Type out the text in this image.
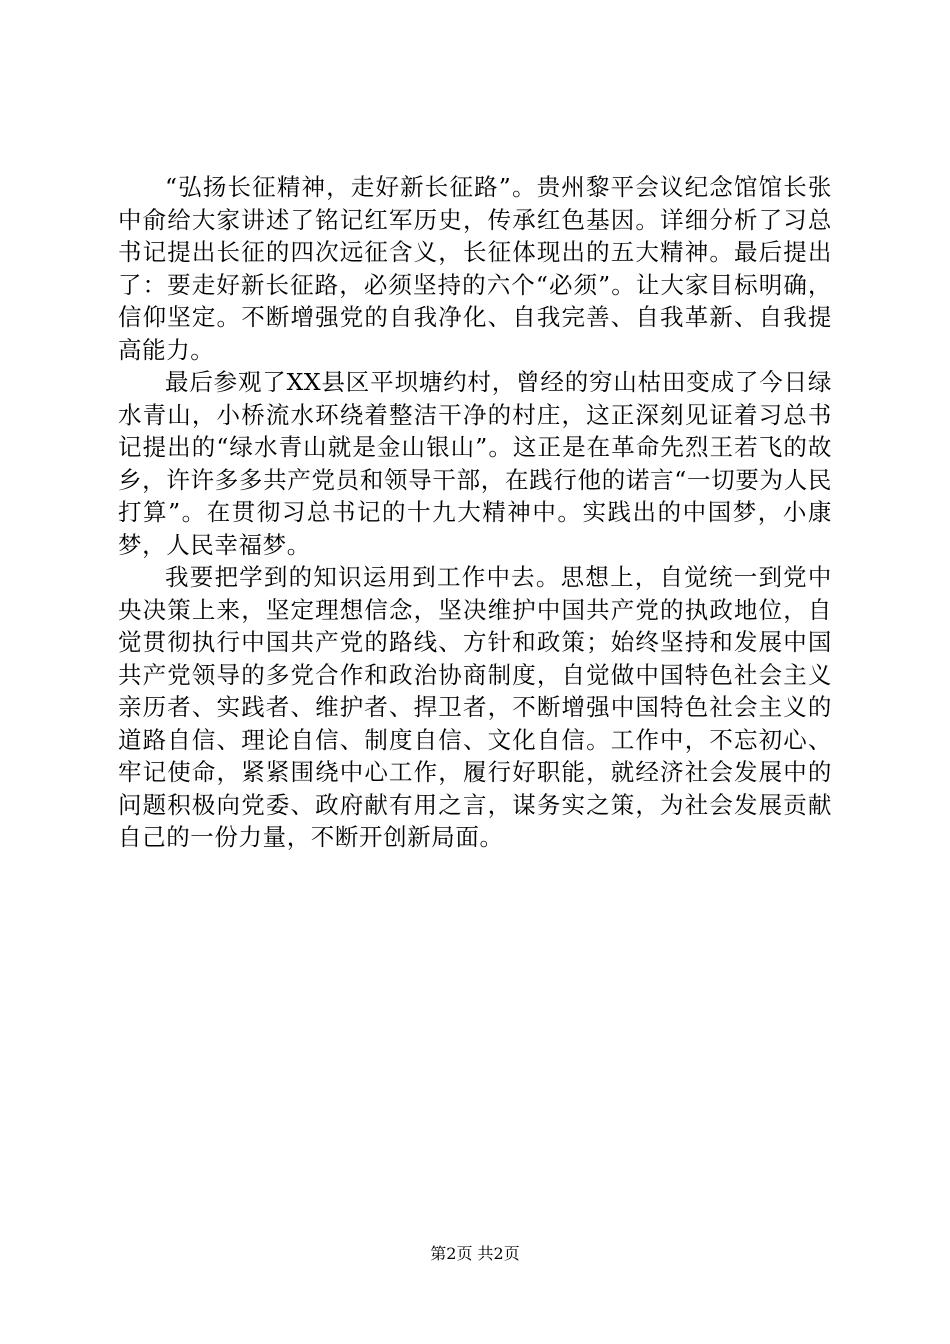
“弘扬长征精神，走好新长征路”。贵州黎平会议纪念馆馆长张中俞给大家讲述了铭记红军历史，传承红色基因。详细分析了习总书记提出长征的四次远征含义，长征体现出的五大精神。最后提出了：要走好新长征路，必须坚持的六个“必须”。让大家目标明确，信仰坚定。不断增强党的自我净化、自我完善、自我革新、自我提高能力。

最后参观了XX县区平坝塘约村，曾经的穷山枯田变成了今日绿水青山，小桥流水环绕着整洁干净的村庄，这正深刻见证着习总书记提出的“绿水青山就是金山银山”。这正是在革命先烈王若飞的故乡，许许多多共产党员和领导干部，在践行他的诺言“一切要为人民打算”。在贯彻习总书记的十九大精神中。实践出的中国梦，小康梦，人民幸福梦。

我要把学到的知识运用到工作中去。思想上，自觉统一到党中央决策上来，坚定理想信念，坚决维护中国共产党的执政地位，自觉贯彻执行中国共产党的路线、方针和政策；始终坚持和发展中国共产党领导的多党合作和政治协商制度，自觉做中国特色社会主义亲历者、实践者、维护者、捍卫者，不断增强中国特色社会主义的道路自信、理论自信、制度自信、文化自信。工作中，不忘初心、牢记使命，紧紧围绕中心工作，履行好职能，就经济社会发展中的问题积极向党委、政府献有用之言，谋务实之策，为社会发展贡献自己的一份力量，不断开创新局面。

第2页 共2页
